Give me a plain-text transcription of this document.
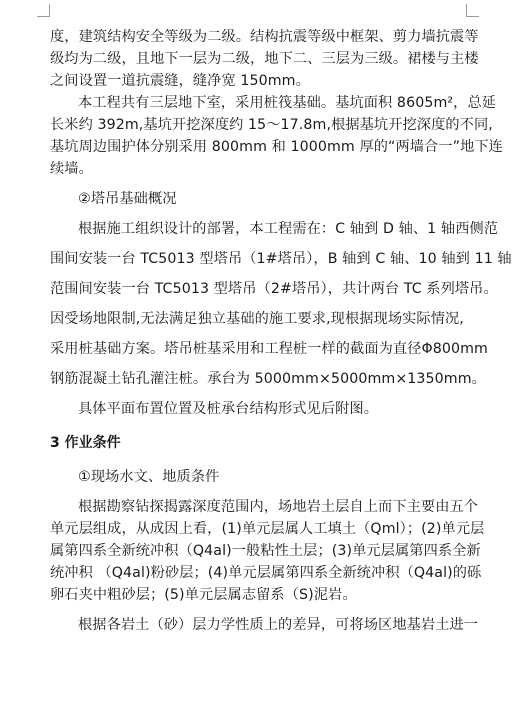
度，建筑结构安全等级为二级。结构抗震等级中框架、剪力墙抗震等
级均为二级，且地下一层为二级，地下二、三层为三级。裙楼与主楼
之间设置一道抗震缝，缝净宽 150mm。
本工程共有三层地下室，采用桩筏基础。基坑面积 8605m²，总延
长米约 392m,基坑开挖深度约 15～17.8m,根据基坑开挖深度的不同,
基坑周边围护体分别采用 800mm 和 1000mm 厚的“两墙合一”地下连
续墙。
②塔吊基础概况
根据施工组织设计的部署，本工程需在：C 轴到 D 轴、1 轴西侧范
围间安装一台 TC5013 型塔吊（1#塔吊），B 轴到 C 轴、10 轴到 11 轴
范围间安装一台 TC5013 型塔吊（2#塔吊），共计两台 TC 系列塔吊。
因受场地限制,无法满足独立基础的施工要求,现根据现场实际情况,
采用桩基础方案。塔吊桩基采用和工程桩一样的截面为直径Φ800mm
钢筋混凝土钻孔灌注桩。承台为 5000mm×5000mm×1350mm。
具体平面布置位置及桩承台结构形式见后附图。
3 作业条件
①现场水文、地质条件
根据勘察钻探揭露深度范围内，场地岩土层自上而下主要由五个
单元层组成，从成因上看，(1)单元层属人工填土（Qml）；(2)单元层
属第四系全新统冲积（Q4al)一般粘性土层；(3)单元层属第四系全新
统冲积 （Q4al)粉砂层；(4)单元层属第四系全新统冲积（Q4al)的砾
卵石夹中粗砂层；(5)单元层属志留系（S)泥岩。
根据各岩土（砂）层力学性质上的差异，可将场区地基岩土进一
